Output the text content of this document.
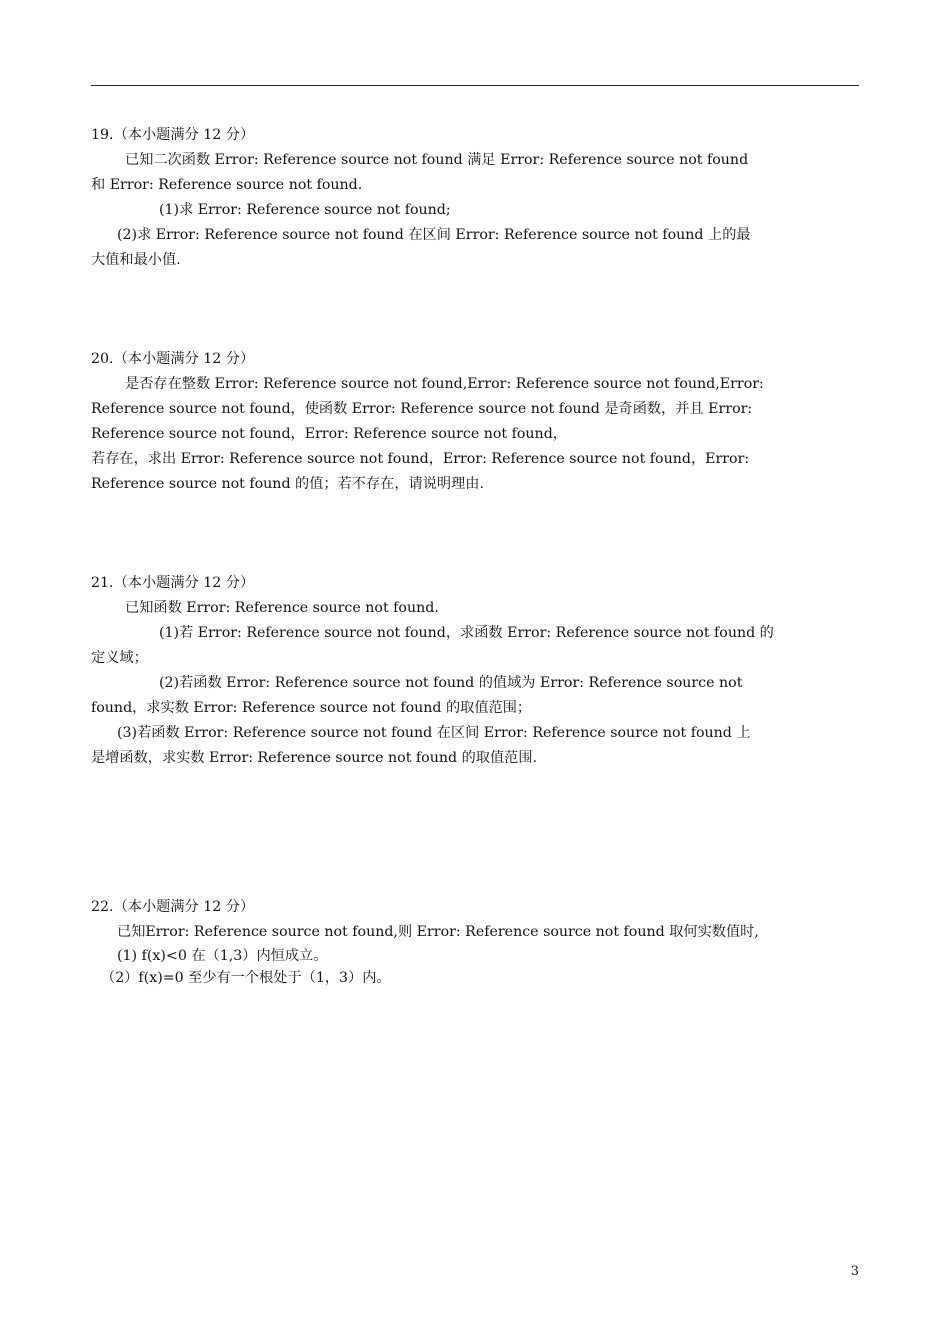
19.（本小题满分 12 分）
已知二次函数 Error: Reference source not found 满足 Error: Reference source not found
和 Error: Reference source not found.
(1)求 Error: Reference source not found;
(2)求 Error: Reference source not found 在区间 Error: Reference source not found 上的最
大值和最小值.
20.（本小题满分 12 分）
是否存在整数 Error: Reference source not found,Error: Reference source not found,Error:
Reference source not found，使函数 Error: Reference source not found 是奇函数，并且 Error:
Reference source not found，Error: Reference source not found，
若存在，求出 Error: Reference source not found，Error: Reference source not found，Error:
Reference source not found 的值；若不存在，请说明理由.
21.（本小题满分 12 分）
已知函数 Error: Reference source not found.
(1)若 Error: Reference source not found，求函数 Error: Reference source not found 的
定义域；
(2)若函数 Error: Reference source not found 的值域为 Error: Reference source not
found，求实数 Error: Reference source not found 的取值范围；
(3)若函数 Error: Reference source not found 在区间 Error: Reference source not found 上
是增函数，求实数 Error: Reference source not found 的取值范围.
22.（本小题满分 12 分）
已知Error: Reference source not found,则 Error: Reference source not found 取何实数值时,
(1) f(x)<0 在（1,3）内恒成立。
（2）f(x)=0 至少有一个根处于（1，3）内。
3
